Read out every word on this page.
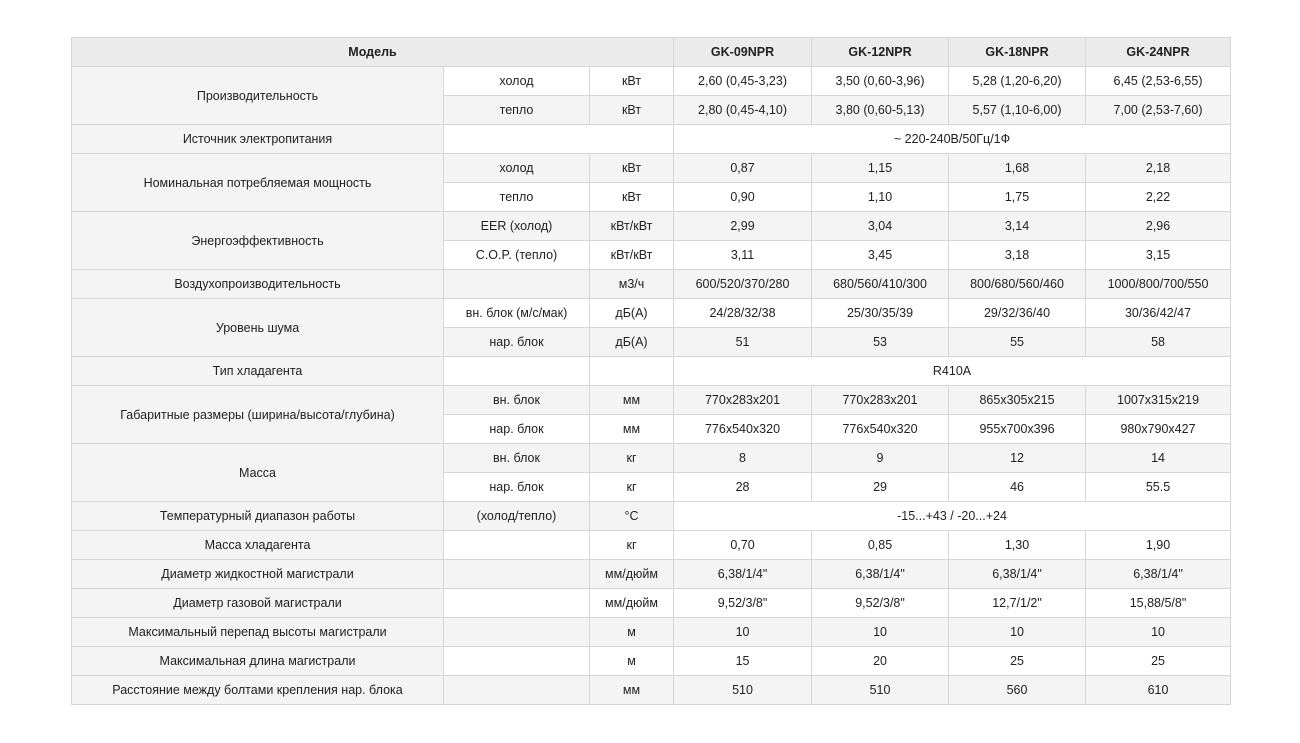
Модель			GK-09NPR	GK-12NPR	GK-18NPR	GK-24NPR
Производительность	холод	кВт	2,60 (0,45-3,23)	3,50 (0,60-3,96)	5,28 (1,20-6,20)	6,45 (2,53-6,55)
	тепло	кВт	2,80 (0,45-4,10)	3,80 (0,60-5,13)	5,57 (1,10-6,00)	7,00 (2,53-7,60)
Источник электропитания			~ 220-240В/50Гц/1Ф			
Номинальная потребляемая мощность	холод	кВт	0,87	1,15	1,68	2,18
	тепло	кВт	0,90	1,10	1,75	2,22
Энергоэффективность	EER (холод)	кВт/кВт	2,99	3,04	3,14	2,96
	C.O.P. (тепло)	кВт/кВт	3,11	3,45	3,18	3,15
Воздухопроизводительность		м3/ч	600/520/370/280	680/560/410/300	800/680/560/460	1000/800/700/550
Уровень шума	вн. блок (м/с/мак)	дБ(А)	24/28/32/38	25/30/35/39	29/32/36/40	30/36/42/47
	нар. блок	дБ(А)	51	53	55	58
Тип хладагента			R410A			
Габаритные размеры (ширина/высота/глубина)	вн. блок	мм	770x283x201	770x283x201	865x305x215	1007x315x219
	нар. блок	мм	776x540x320	776x540x320	955x700x396	980x790x427
Масса	вн. блок	кг	8	9	12	14
	нар. блок	кг	28	29	46	55.5
Температурный диапазон работы	(холод/тепло)	°C	-15...+43 / -20...+24			
Масса хладагента		кг	0,70	0,85	1,30	1,90
Диаметр жидкостной магистрали		мм/дюйм	6,38/1/4"	6,38/1/4"	6,38/1/4"	6,38/1/4"
Диаметр газовой магистрали		мм/дюйм	9,52/3/8"	9,52/3/8"	12,7/1/2"	15,88/5/8"
Максимальный перепад высоты магистрали		м	10	10	10	10
Максимальная длина магистрали		м	15	20	25	25
Расстояние между болтами крепления нар. блока		мм	510	510	560	610
